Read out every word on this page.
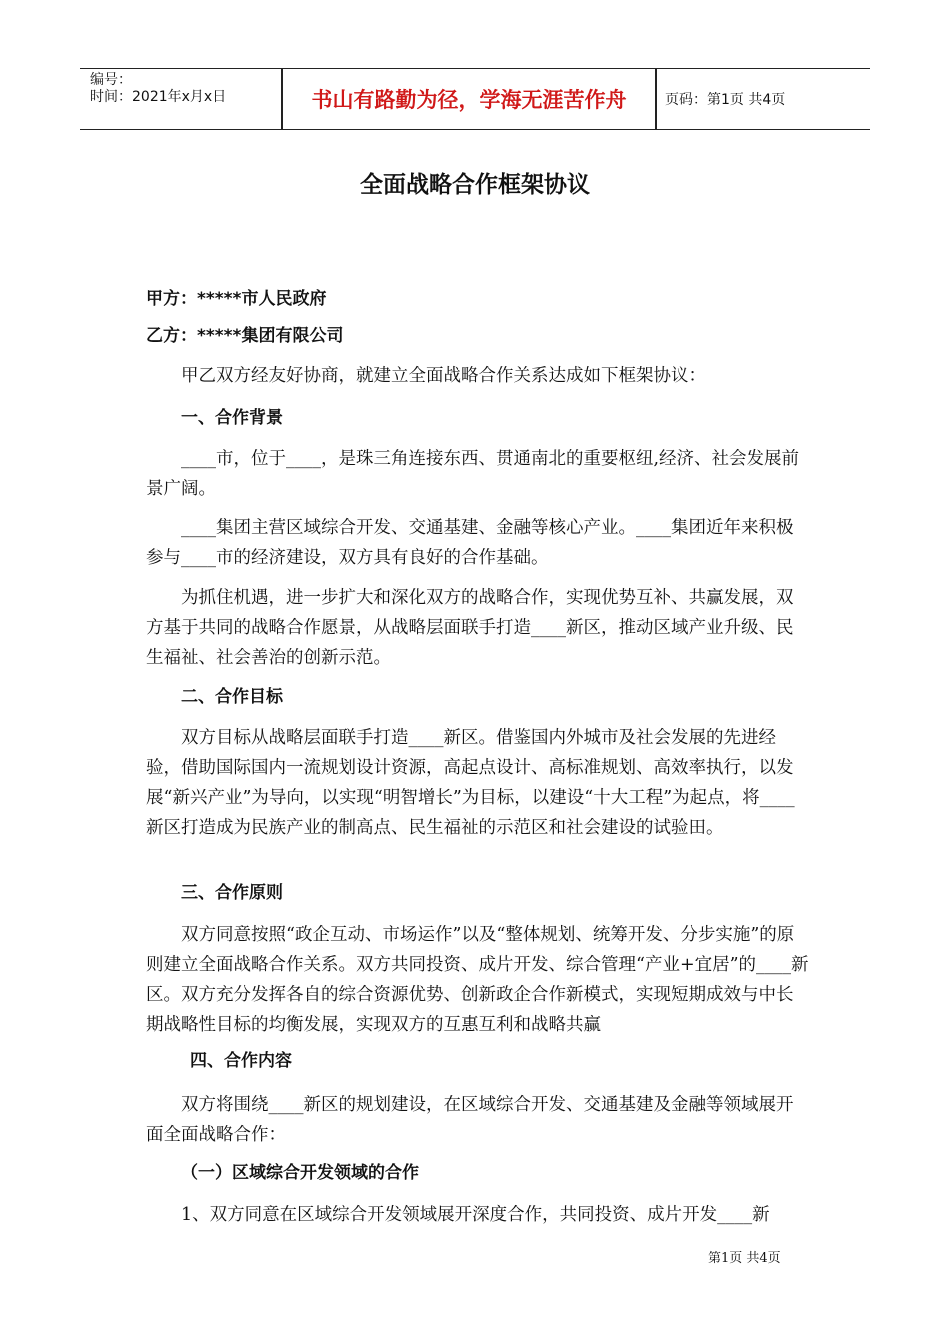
编号：
时间：2021年x月x日	书山有路勤为径，学海无涯苦作舟	页码：第1页 共4页
全面战略合作框架协议

甲方：*****市人民政府

乙方：*****集团有限公司

甲乙双方经友好协商，就建立全面战略合作关系达成如下框架协议：

一、合作背景

____市，位于____，是珠三角连接东西、贯通南北的重要枢纽,经济、社会发展前景广阔。

____集团主营区域综合开发、交通基建、金融等核心产业。____集团近年来积极参与____市的经济建设，双方具有良好的合作基础。

为抓住机遇，进一步扩大和深化双方的战略合作，实现优势互补、共赢发展，双方基于共同的战略合作愿景，从战略层面联手打造____新区，推动区域产业升级、民生福祉、社会善治的创新示范。

二、合作目标

双方目标从战略层面联手打造____新区。借鉴国内外城市及社会发展的先进经验，借助国际国内一流规划设计资源，高起点设计、高标准规划、高效率执行，以发展“新兴产业”为导向，以实现“明智增长”为目标，以建设“十大工程”为起点，将____新区打造成为民族产业的制高点、民生福祉的示范区和社会建设的试验田。

三、合作原则

双方同意按照“政企互动、市场运作”以及“整体规划、统筹开发、分步实施”的原则建立全面战略合作关系。双方共同投资、成片开发、综合管理“产业+宜居”的____新区。双方充分发挥各自的综合资源优势、创新政企合作新模式，实现短期成效与中长期战略性目标的均衡发展，实现双方的互惠互利和战略共赢

四、合作内容

双方将围绕____新区的规划建设，在区域综合开发、交通基建及金融等领域展开面全面战略合作：

（一）区域综合开发领域的合作

1、双方同意在区域综合开发领域展开深度合作，共同投资、成片开发____新

第1页 共4页
